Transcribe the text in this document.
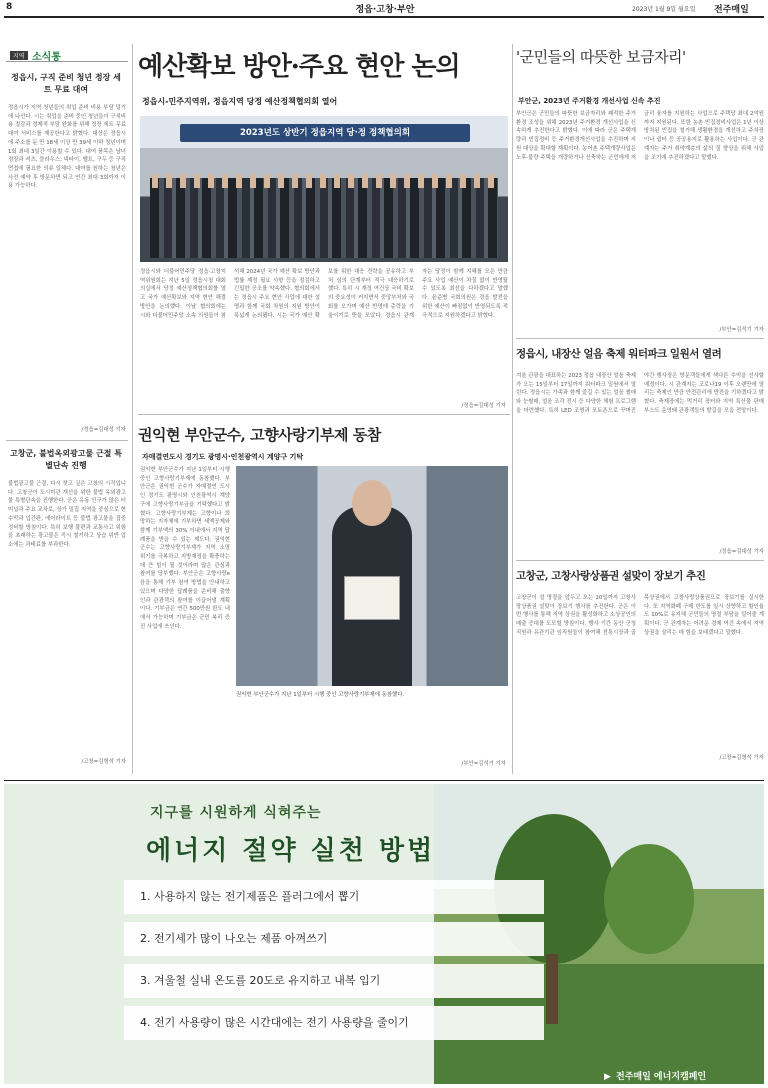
8	정읍·고창·부안	2023년 1월 9일 월요일 전주매일
지역 소식통
정읍시, 구직 준비 청년 정장 세트 무료 대여
정읍시가 지역 청년들의 취업 준비 비용 부담 덜기에 나선다. 시는 취업을 준비 중인 청년들이 구직비용 절감과 경제적 부담 완화를 위해 정장 세트 무료 대여 서비스를 제공한다고 밝혔다. 대상은 정읍시에 주소를 둔 만 18세 이상 만 39세 이하 청년이며 1회 최대 3일간 이용할 수 있다. 대여 품목은 남녀 정장과 셔츠, 블라우스, 넥타이, 벨트, 구두 등 구직 면접에 필요한 의류 일체다. 대여를 원하는 청년은 사전 예약 후 방문하면 되고 연간 최대 3회까지 이용 가능하다.
/정읍=김대성 기자
고창군, 불법옥외광고물 근절 특별단속 진행
불법광고물 근절, 다시 찾고 싶은 고창의 시작입니다. 고창군이 도시미관 개선을 위한 불법 옥외광고물 특별단속을 진행한다. 군은 유동 인구가 많은 터미널과 주요 교차로, 상가 밀집 지역을 중심으로 현수막과 입간판, 에어라이트 등 불법 광고물을 집중 정비할 방침이다. 특히 보행 불편과 교통사고 위험을 초래하는 광고물은 즉시 철거하고 상습 위반 업소에는 과태료를 부과한다.
/고창=김형석 기자
예산확보 방안·주요 현안 논의
정읍시-민주지역위, 정읍지역 당정 예산정책협의회 열어
2023년도 상반기 정읍지역 당·정 정책협의회
정읍시와 더불어민주당 정읍·고창지역위원회는 지난 5일 정읍시청 대회의실에서 당정 예산정책협의회를 열고 국가 예산확보와 지역 현안 해결 방안을 논의했다. 이날 협의회에는 시와 더불어민주당 소속 의원들이 참석해 2024년 국가 예산 확보 방안과 법률 제정 필요 사항 등을 점검하고 긴밀한 공조를 약속했다. 협의회에서는 정읍시 주요 현안 사업에 대한 설명과 함께 국회 차원의 지원 방안이 폭넓게 논의됐다. 시는 국가 예산 확보를 위한 대응 전략을 공유하고 부처 심의 단계부터 적극 대응하기로 했다. 특히 시 재정 여건상 국비 확보의 중요성이 커지면서 중앙부처와 국회를 오가며 예산 반영에 총력을 기울이기로 뜻을 모았다. 정읍시 관계자는 당정이 함께 지혜를 모은 만큼 주요 사업 예산이 차질 없이 반영될 수 있도록 최선을 다하겠다고 말했다. 윤준병 국회의원은 정읍 발전을 위한 예산이 빠짐없이 반영되도록 적극적으로 지원하겠다고 밝혔다.
/정읍=김대성 기자
권익현 부안군수, 고향사랑기부제 동참
자매결연도시 경기도 광명시·인천광역시 계양구 기탁
권익현 부안군수가 지난 1일부터 시행 중인 고향사랑기부제에 동참했다. 부안군은 권익현 군수가 자매결연 도시인 경기도 광명시와 인천광역시 계양구에 고향사랑기부금을 기탁했다고 밝혔다. 고향사랑기부제는 고향이나 희망하는 지자체에 기부하면 세액공제와 함께 기부액의 30% 이내에서 지역 답례품을 받을 수 있는 제도다. 권익현 군수는 고향사랑기부제가 지역 소멸 위기를 극복하고 지방재정을 확충하는 데 큰 힘이 될 것이라며 많은 관심과 참여를 당부했다. 부안군은 고향사랑e음을 통해 기부 참여 방법을 안내하고 있으며 다양한 답례품을 준비해 출향인과 관광객의 참여를 이끌어낼 계획이다. 기부금은 연간 500만원 한도 내에서 가능하며 기부금은 군민 복리 증진 사업에 쓰인다.
권익현 부안군수가 지난 1일부터 시행 중인 고향사랑기부제에 동참했다.
/부안=김석기 기자
'군민들의 따뜻한 보금자리'
부안군, 2023년 주거환경 개선사업 신속 추진
부안군은 군민들의 따뜻한 보금자리와 쾌적한 주거환경 조성을 위해 2023년 주거환경 개선사업을 신속하게 추진한다고 밝혔다. 이에 따라 군은 주택개량과 빈집정비 등 주거환경개선사업을 추진하며 지원 대상을 확대할 계획이다. 농어촌 주택개량사업은 노후·불량 주택을 개량하거나 신축하는 군민에게 저금리 융자를 지원하는 사업으로 주택당 최대 2억원까지 지원된다. 또한 농촌 빈집정비사업은 1년 이상 방치된 빈집을 철거해 생활환경을 개선하고 주차장이나 쉼터 등 공공용지로 활용하는 사업이다. 군 관계자는 주거 취약계층의 삶의 질 향상을 위해 사업을 조기에 추진하겠다고 말했다.
/부안=김석기 기자
정읍시, 내장산 얼음 축제 워터파크 일원서 열려
겨울 관광을 대표하는 2023 정읍 내장산 얼음 축제가 오는 15일부터 17일까지 워터파크 일원에서 열린다. 정읍시는 가족과 함께 즐길 수 있는 얼음 썰매와 눈썰매, 얼음 조각 전시 등 다양한 체험 프로그램을 마련했다. 특히 LED 조명과 포토존으로 꾸며진 야간 행사장은 방문객들에게 색다른 추억을 선사할 예정이다. 시 관계자는 코로나19 이후 오랜만에 열리는 축제인 만큼 안전관리에 만전을 기하겠다고 밝혔다. 축제장에는 먹거리 장터와 지역 특산물 판매 부스도 운영돼 관광객들의 발길을 모을 전망이다.
/정읍=김대성 기자
고창군, 고창사랑상품권 설맞이 장보기 추진
고창군이 설 명절을 앞두고 오는 20일까지 고창사랑상품권 설맞이 장보기 행사를 추진한다. 군은 이번 행사를 통해 지역 상권을 활성화하고 소상공인의 매출 증대를 도모할 방침이다. 행사 기간 동안 군청 직원과 유관기관 임직원들이 참여해 전통시장과 골목상권에서 고창사랑상품권으로 장보기를 실시한다. 또 지역화폐 구매 한도를 일시 상향하고 할인율도 10%로 유지해 군민들의 명절 부담을 덜어줄 계획이다. 군 관계자는 어려운 경제 여건 속에서 지역 상권을 살리는 데 힘을 보태겠다고 말했다.
/고창=김형석 기자
지구를 시원하게 식혀주는
에너지 절약 실천 방법
1. 사용하지 않는 전기제품은 플러그에서 뽑기
2. 전기세가 많이 나오는 제품 아껴쓰기
3. 겨울철 실내 온도를 20도로 유지하고 내복 입기
4. 전기 사용량이 많은 시간대에는 전기 사용량을 줄이기
▶ 전주매일 에너지캠페인
